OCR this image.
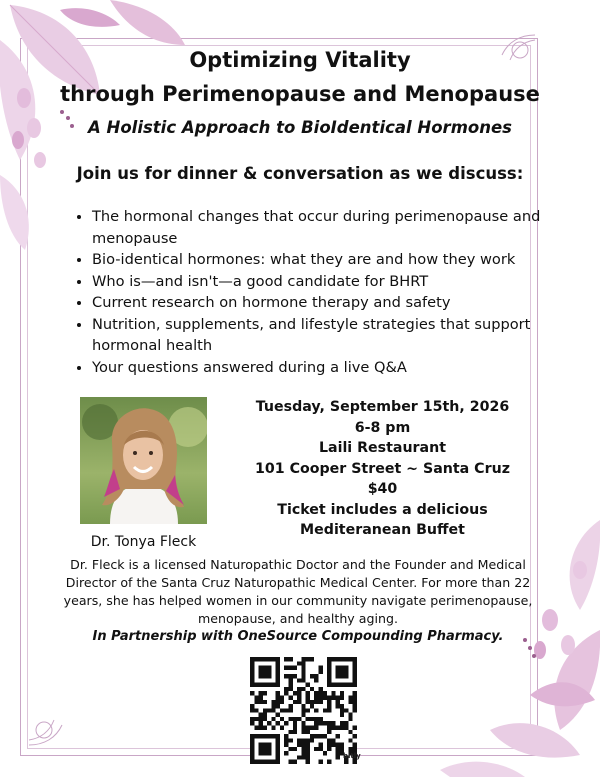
Optimizing Vitality
through Perimenopause and Menopause
A Holistic Approach to BioIdentical Hormones
Join us for dinner & conversation as we discuss:
• The hormonal changes that occur during perimenopause and menopause
• Bio-identical hormones: what they are and how they work
• Who is—and isn't—a good candidate for BHRT
• Current research on hormone therapy and safety
• Nutrition, supplements, and lifestyle strategies that support hormonal health
• Your questions answered during a live Q&A
Dr. Tonya Fleck
Tuesday, September 15th, 2026
6-8 pm
Laili Restaurant
101 Cooper Street ~ Santa Cruz
$40
Ticket includes a delicious
Mediteranean Buffet
Dr. Fleck is a licensed Naturopathic Doctor and the Founder and Medical Director of the Santa Cruz Naturopathic Medical Center. For more than 22 years, she has helped women in our community navigate perimenopause, menopause, and healthy aging.
In Partnership with OneSource Compounding Pharmacy.
bitly
